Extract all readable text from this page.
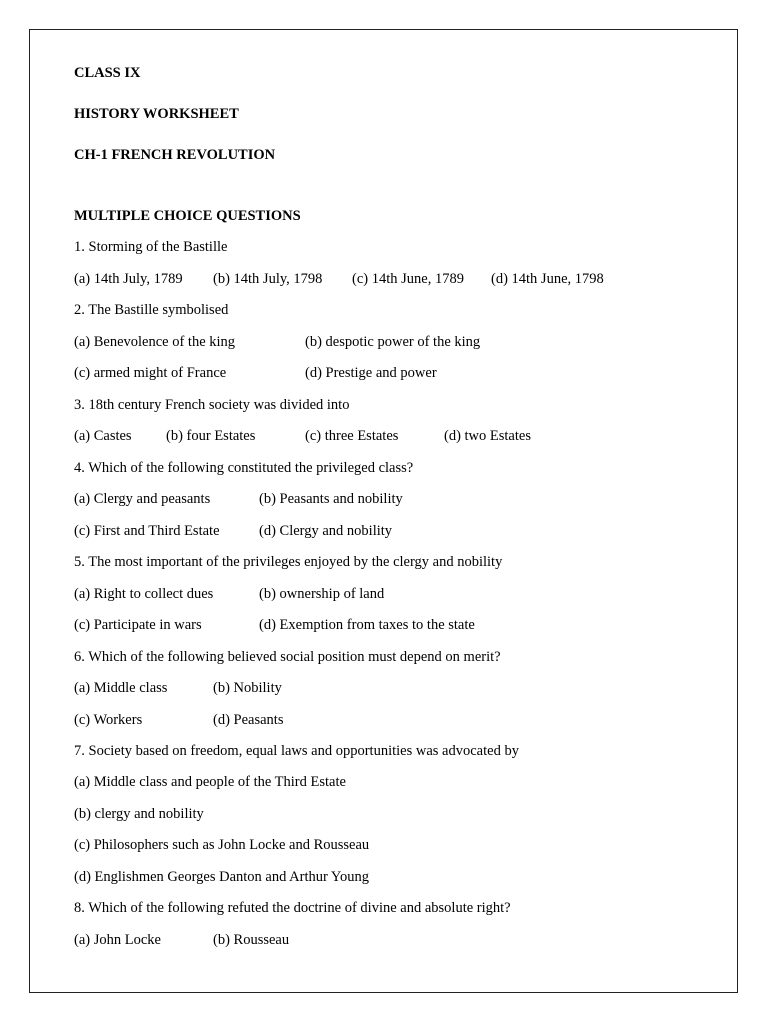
CLASS IX
HISTORY WORKSHEET
CH-1 FRENCH REVOLUTION
MULTIPLE CHOICE QUESTIONS
1. Storming of the Bastille
(a) 14th July, 1789 (b) 14th July, 1798 (c) 14th June, 1789 (d) 14th June, 1798
2. The Bastille symbolised
(a) Benevolence of the king	(b) despotic power of the king
(c) armed might of France	(d) Prestige and power
3. 18th century French society was divided into
(a) Castes (b) four Estates	(c) three Estates	(d) two Estates
4. Which of the following constituted the privileged class?
(a) Clergy and peasants	(b) Peasants and nobility
(c) First and Third Estate	(d) Clergy and nobility
5. The most important of the privileges enjoyed by the clergy and nobility
(a) Right to collect dues	(b) ownership of land
(c) Participate in wars	(d) Exemption from taxes to the state
6. Which of the following believed social position must depend on merit?
(a) Middle class	(b) Nobility
(c) Workers	(d) Peasants
7. Society based on freedom, equal laws and opportunities was advocated by
(a) Middle class and people of the Third Estate
(b) clergy and nobility
(c) Philosophers such as John Locke and Rousseau
(d) Englishmen Georges Danton and Arthur Young
8. Which of the following refuted the doctrine of divine and absolute right?
(a) John Locke	(b) Rousseau
